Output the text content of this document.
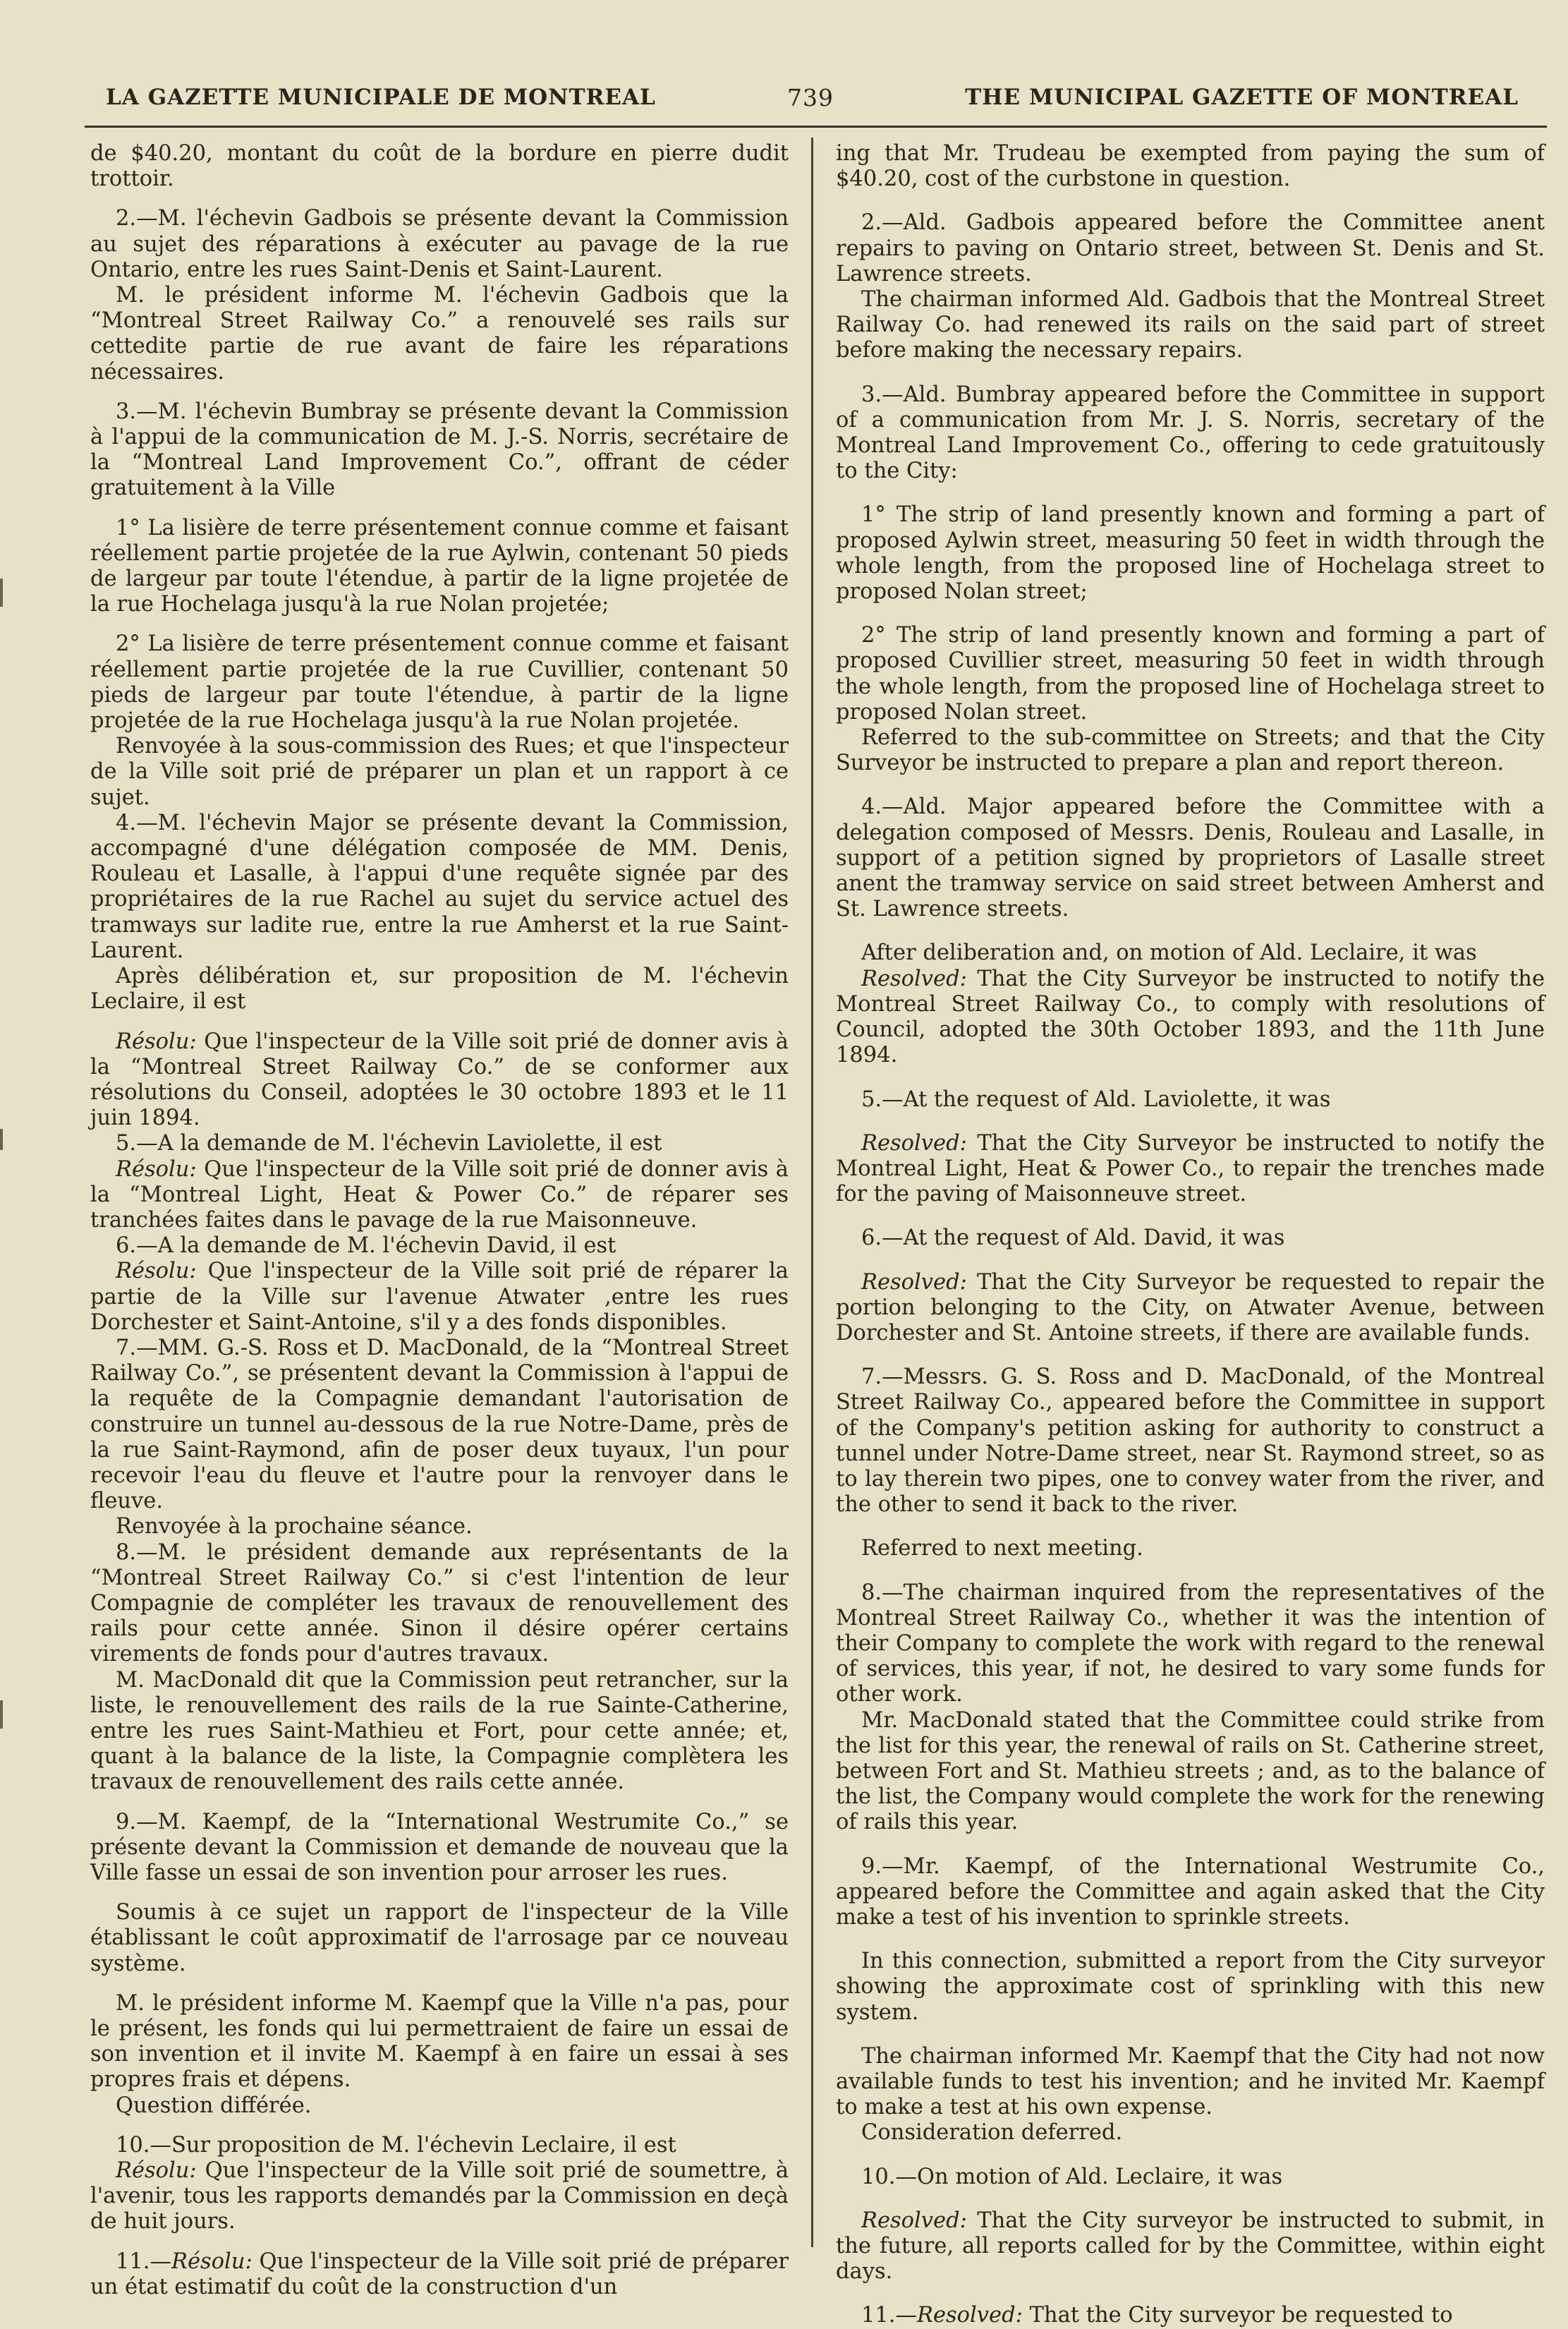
LA GAZETTE MUNICIPALE DE MONTREAL	739	THE MUNICIPAL GAZETTE OF MONTREAL

de $40.20, montant du coût de la bordure en pierre dudit trottoir.

2.—M. l'échevin Gadbois se présente devant la Commission au sujet des réparations à exécuter au pavage de la rue Ontario, entre les rues Saint-Denis et Saint-Laurent.

M. le président informe M. l'échevin Gadbois que la “Montreal Street Railway Co.” a renouvelé ses rails sur cettedite partie de rue avant de faire les réparations nécessaires.

3.—M. l'échevin Bumbray se présente devant la Commission à l'appui de la communication de M. J.-S. Norris, secrétaire de la “Montreal Land Improvement Co.”, offrant de céder gratuitement à la Ville

1° La lisière de terre présentement connue comme et faisant réellement partie projetée de la rue Aylwin, contenant 50 pieds de largeur par toute l'étendue, à partir de la ligne projetée de la rue Hochelaga jusqu'à la rue Nolan projetée;

2° La lisière de terre présentement connue comme et faisant réellement partie projetée de la rue Cuvillier, contenant 50 pieds de largeur par toute l'étendue, à partir de la ligne projetée de la rue Hochelaga jusqu'à la rue Nolan projetée.

Renvoyée à la sous-commission des Rues; et que l'inspecteur de la Ville soit prié de préparer un plan et un rapport à ce sujet.

4.—M. l'échevin Major se présente devant la Commission, accompagné d'une délégation composée de MM. Denis, Rouleau et Lasalle, à l'appui d'une requête signée par des propriétaires de la rue Rachel au sujet du service actuel des tramways sur ladite rue, entre la rue Amherst et la rue Saint-Laurent.

Après délibération et, sur proposition de M. l'échevin Leclaire, il est

Résolu: Que l'inspecteur de la Ville soit prié de donner avis à la “Montreal Street Railway Co.” de se conformer aux résolutions du Conseil, adoptées le 30 octobre 1893 et le 11 juin 1894.

5.—A la demande de M. l'échevin Laviolette, il est

Résolu: Que l'inspecteur de la Ville soit prié de donner avis à la “Montreal Light, Heat & Power Co.” de réparer ses tranchées faites dans le pavage de la rue Maisonneuve.

6.—A la demande de M. l'échevin David, il est

Résolu: Que l'inspecteur de la Ville soit prié de réparer la partie de la Ville sur l'avenue Atwater ,entre les rues Dorchester et Saint-Antoine, s'il y a des fonds disponibles.

7.—MM. G.-S. Ross et D. MacDonald, de la “Montreal Street Railway Co.”, se présentent devant la Commission à l'appui de la requête de la Compagnie demandant l'autorisation de construire un tunnel au-dessous de la rue Notre-Dame, près de la rue Saint-Raymond, afin de poser deux tuyaux, l'un pour recevoir l'eau du fleuve et l'autre pour la renvoyer dans le fleuve.

Renvoyée à la prochaine séance.

8.—M. le président demande aux représentants de la “Montreal Street Railway Co.” si c'est l'intention de leur Compagnie de compléter les travaux de renouvellement des rails pour cette année. Sinon il désire opérer certains virements de fonds pour d'autres travaux.

M. MacDonald dit que la Commission peut retrancher, sur la liste, le renouvellement des rails de la rue Sainte-Catherine, entre les rues Saint-Mathieu et Fort, pour cette année; et, quant à la balance de la liste, la Compagnie complètera les travaux de renouvellement des rails cette année.

9.—M. Kaempf, de la “International Westrumite Co.,” se présente devant la Commission et demande de nouveau que la Ville fasse un essai de son invention pour arroser les rues.

Soumis à ce sujet un rapport de l'inspecteur de la Ville établissant le coût approximatif de l'arrosage par ce nouveau système.

M. le président informe M. Kaempf que la Ville n'a pas, pour le présent, les fonds qui lui permettraient de faire un essai de son invention et il invite M. Kaempf à en faire un essai à ses propres frais et dépens.

Question différée.

10.—Sur proposition de M. l'échevin Leclaire, il est

Résolu: Que l'inspecteur de la Ville soit prié de soumettre, à l'avenir, tous les rapports demandés par la Commission en deçà de huit jours.

11.—Résolu: Que l'inspecteur de la Ville soit prié de préparer un état estimatif du coût de la construction d'un

ing that Mr. Trudeau be exempted from paying the sum of $40.20, cost of the curbstone in question.

2.—Ald. Gadbois appeared before the Committee anent repairs to paving on Ontario street, between St. Denis and St. Lawrence streets.

The chairman informed Ald. Gadbois that the Montreal Street Railway Co. had renewed its rails on the said part of street before making the necessary repairs.

3.—Ald. Bumbray appeared before the Committee in support of a communication from Mr. J. S. Norris, secretary of the Montreal Land Improvement Co., offering to cede gratuitously to the City:

1° The strip of land presently known and forming a part of proposed Aylwin street, measuring 50 feet in width through the whole length, from the proposed line of Hochelaga street to proposed Nolan street;

2° The strip of land presently known and forming a part of proposed Cuvillier street, measuring 50 feet in width through the whole length, from the proposed line of Hochelaga street to proposed Nolan street.

Referred to the sub-committee on Streets; and that the City Surveyor be instructed to prepare a plan and report thereon.

4.—Ald. Major appeared before the Committee with a delegation composed of Messrs. Denis, Rouleau and Lasalle, in support of a petition signed by proprietors of Lasalle street anent the tramway service on said street between Amherst and St. Lawrence streets.

After deliberation and, on motion of Ald. Leclaire, it was

Resolved: That the City Surveyor be instructed to notify the Montreal Street Railway Co., to comply with resolutions of Council, adopted the 30th October 1893, and the 11th June 1894.

5.—At the request of Ald. Laviolette, it was

Resolved: That the City Surveyor be instructed to notify the Montreal Light, Heat & Power Co., to repair the trenches made for the paving of Maisonneuve street.

6.—At the request of Ald. David, it was

Resolved: That the City Surveyor be requested to repair the portion belonging to the City, on Atwater Avenue, between Dorchester and St. Antoine streets, if there are available funds.

7.—Messrs. G. S. Ross and D. MacDonald, of the Montreal Street Railway Co., appeared before the Committee in support of the Company's petition asking for authority to construct a tunnel under Notre-Dame street, near St. Raymond street, so as to lay therein two pipes, one to convey water from the river, and the other to send it back to the river.

Referred to next meeting.

8.—The chairman inquired from the representatives of the Montreal Street Railway Co., whether it was the intention of their Company to complete the work with regard to the renewal of services, this year, if not, he desired to vary some funds for other work.

Mr. MacDonald stated that the Committee could strike from the list for this year, the renewal of rails on St. Catherine street, between Fort and St. Mathieu streets ; and, as to the balance of the list, the Company would complete the work for the renewing of rails this year.

9.—Mr. Kaempf, of the International Westrumite Co., appeared before the Committee and again asked that the City make a test of his invention to sprinkle streets.

In this connection, submitted a report from the City surveyor showing the approximate cost of sprinkling with this new system.

The chairman informed Mr. Kaempf that the City had not now available funds to test his invention; and he invited Mr. Kaempf to make a test at his own expense.

Consideration deferred.

10.—On motion of Ald. Leclaire, it was

Resolved: That the City surveyor be instructed to submit, in the future, all reports called for by the Committee, within eight days.

11.—Resolved: That the City surveyor be requested to
